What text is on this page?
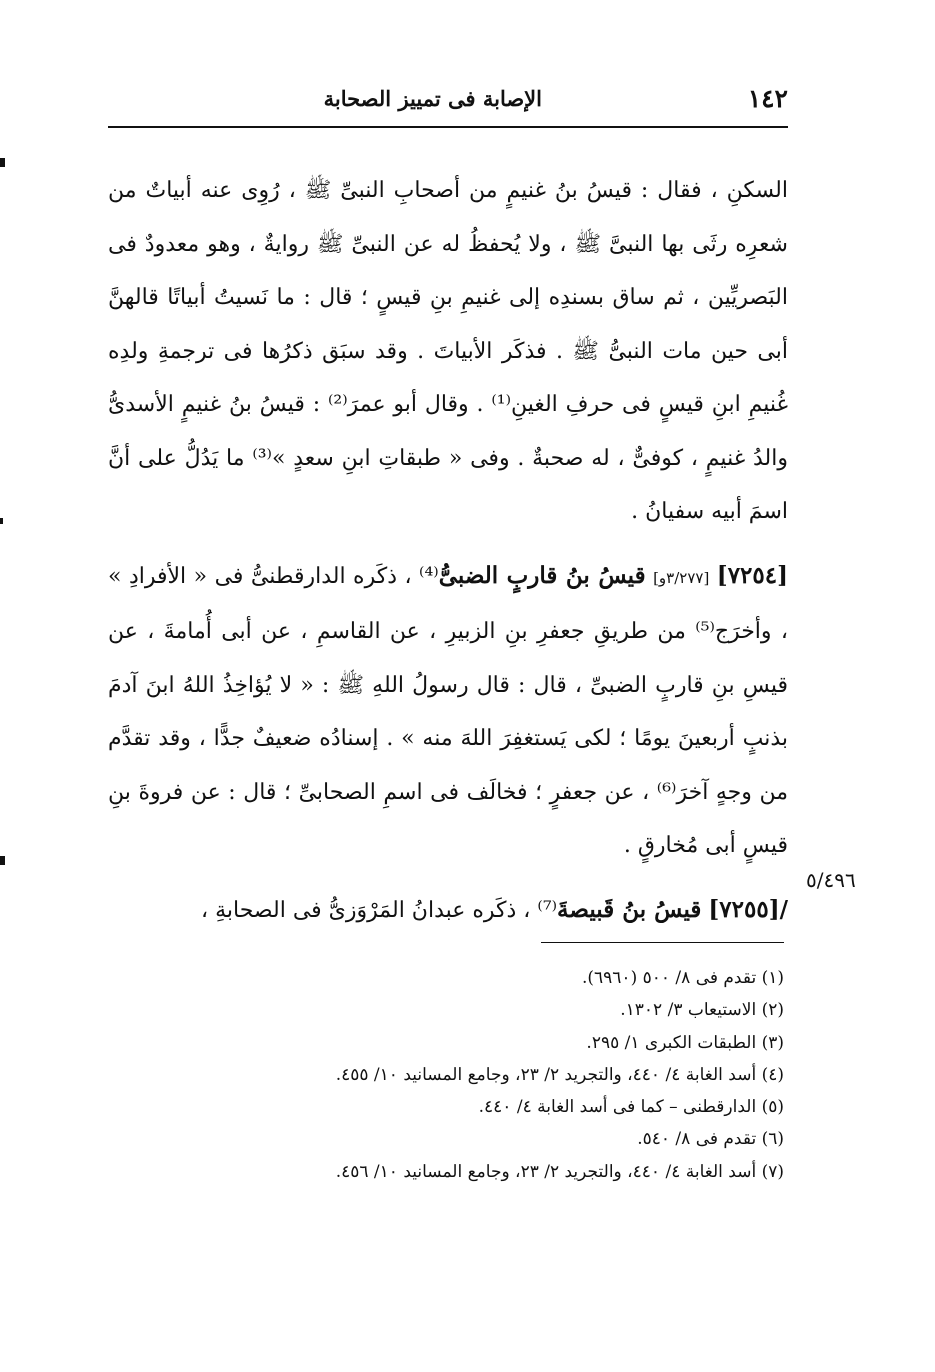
١٤٢
الإصابة فى تمييز الصحابة

السكنِ ، فقال : قيسُ بنُ غنيمٍ من أصحابِ النبىِّ ﷺ ، رُوِى عنه أبياتٌ من شعرِه رثَى بها النبىَّ ﷺ ، ولا يُحفظُ له عن النبىِّ ﷺ روايةٌ ، وهو معدودٌ فى البَصريِّين ، ثم ساق بسندِه إلى غنيمِ بنِ قيسٍ ؛ قال : ما نَسيتُ أبياتًا قالهنَّ أبى حين مات النبىُّ ﷺ . فذكَر الأبياتَ . وقد سبَق ذكرُها فى ترجمةِ ولدِه غُنيمِ ابنِ قيسٍ فى حرفِ الغينِ⁽¹⁾ . وقال أبو عمرَ⁽²⁾ : قيسُ بنُ غنيمٍ الأسدىُّ والدُ غنيمٍ ، كوفىٌّ ، له صحبةٌ . وفى « طبقاتِ ابنِ سعدٍ »⁽³⁾ ما يَدُلُّ على أنَّ اسمَ أبيه سفيانُ .

[٧٢٥٤] [٣/٢٧٧و] قيسُ بنُ قاربٍ الضبىُّ⁽⁴⁾ ، ذكَره الدارقطنىُّ فى « الأفرادِ » ، وأخرَج⁽⁵⁾ من طريقِ جعفرِ بنِ الزبيرِ ، عن القاسمِ ، عن أبى أُمامةَ ، عن قيسِ بنِ قاربٍ الضبىِّ ، قال : قال رسولُ اللهِ ﷺ : « لا يُؤاخِذُ اللهُ ابنَ آدمَ بذنبٍ أربعينَ يومًا ؛ لكى يَستغفِرَ اللهَ منه » . إسنادُه ضعيفٌ جدًّا ، وقد تقدَّم من وجهٍ آخرَ⁽⁶⁾ ، عن جعفرٍ ؛ فخالَف فى اسمِ الصحابىِّ ؛ قال : عن فروةَ بنِ قيسٍ أبى مُخارقٍ .

/[٧٢٥٥] قيسُ بنُ قَبيصةَ⁽⁷⁾ ، ذكَره عبدانُ المَرْوَزىُّ فى الصحابةِ ،

٥/٤٩٦

(١) تقدم فى ٨/ ٥٠٠ (٦٩٦٠).

(٢) الاستيعاب ٣/ ١٣٠٢.

(٣) الطبقات الكبرى ١/ ٢٩٥.

(٤) أسد الغابة ٤/ ٤٤٠، والتجريد ٢/ ٢٣، وجامع المسانيد ١٠/ ٤٥٥.

(٥) الدارقطنى – كما فى أسد الغابة ٤/ ٤٤٠.

(٦) تقدم فى ٨/ ٥٤٠.

(٧) أسد الغابة ٤/ ٤٤٠، والتجريد ٢/ ٢٣، وجامع المسانيد ١٠/ ٤٥٦.
